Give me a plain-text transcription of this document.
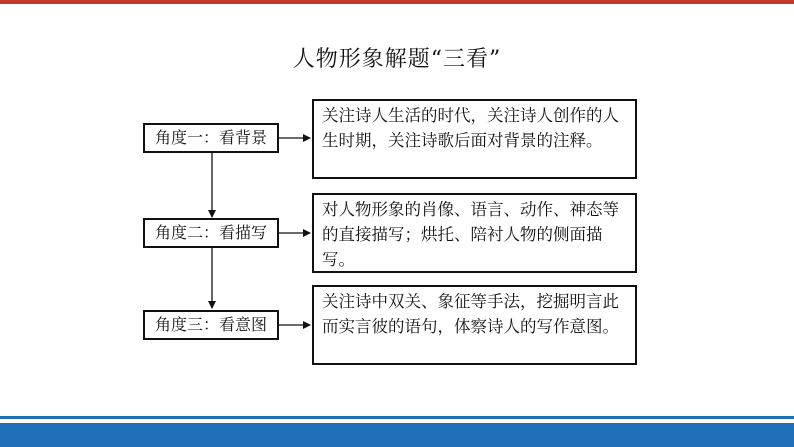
人物形象解题“三看”
角度一：看背景
角度二：看描写
角度三：看意图
关注诗人生活的时代，关注诗人创作的人生时期，关注诗歌后面对背景的注释。
对人物形象的肖像、语言、动作、神态等的直接描写；烘托、陪衬人物的侧面描写。
关注诗中双关、象征等手法，挖掘明言此而实言彼的语句，体察诗人的写作意图。
